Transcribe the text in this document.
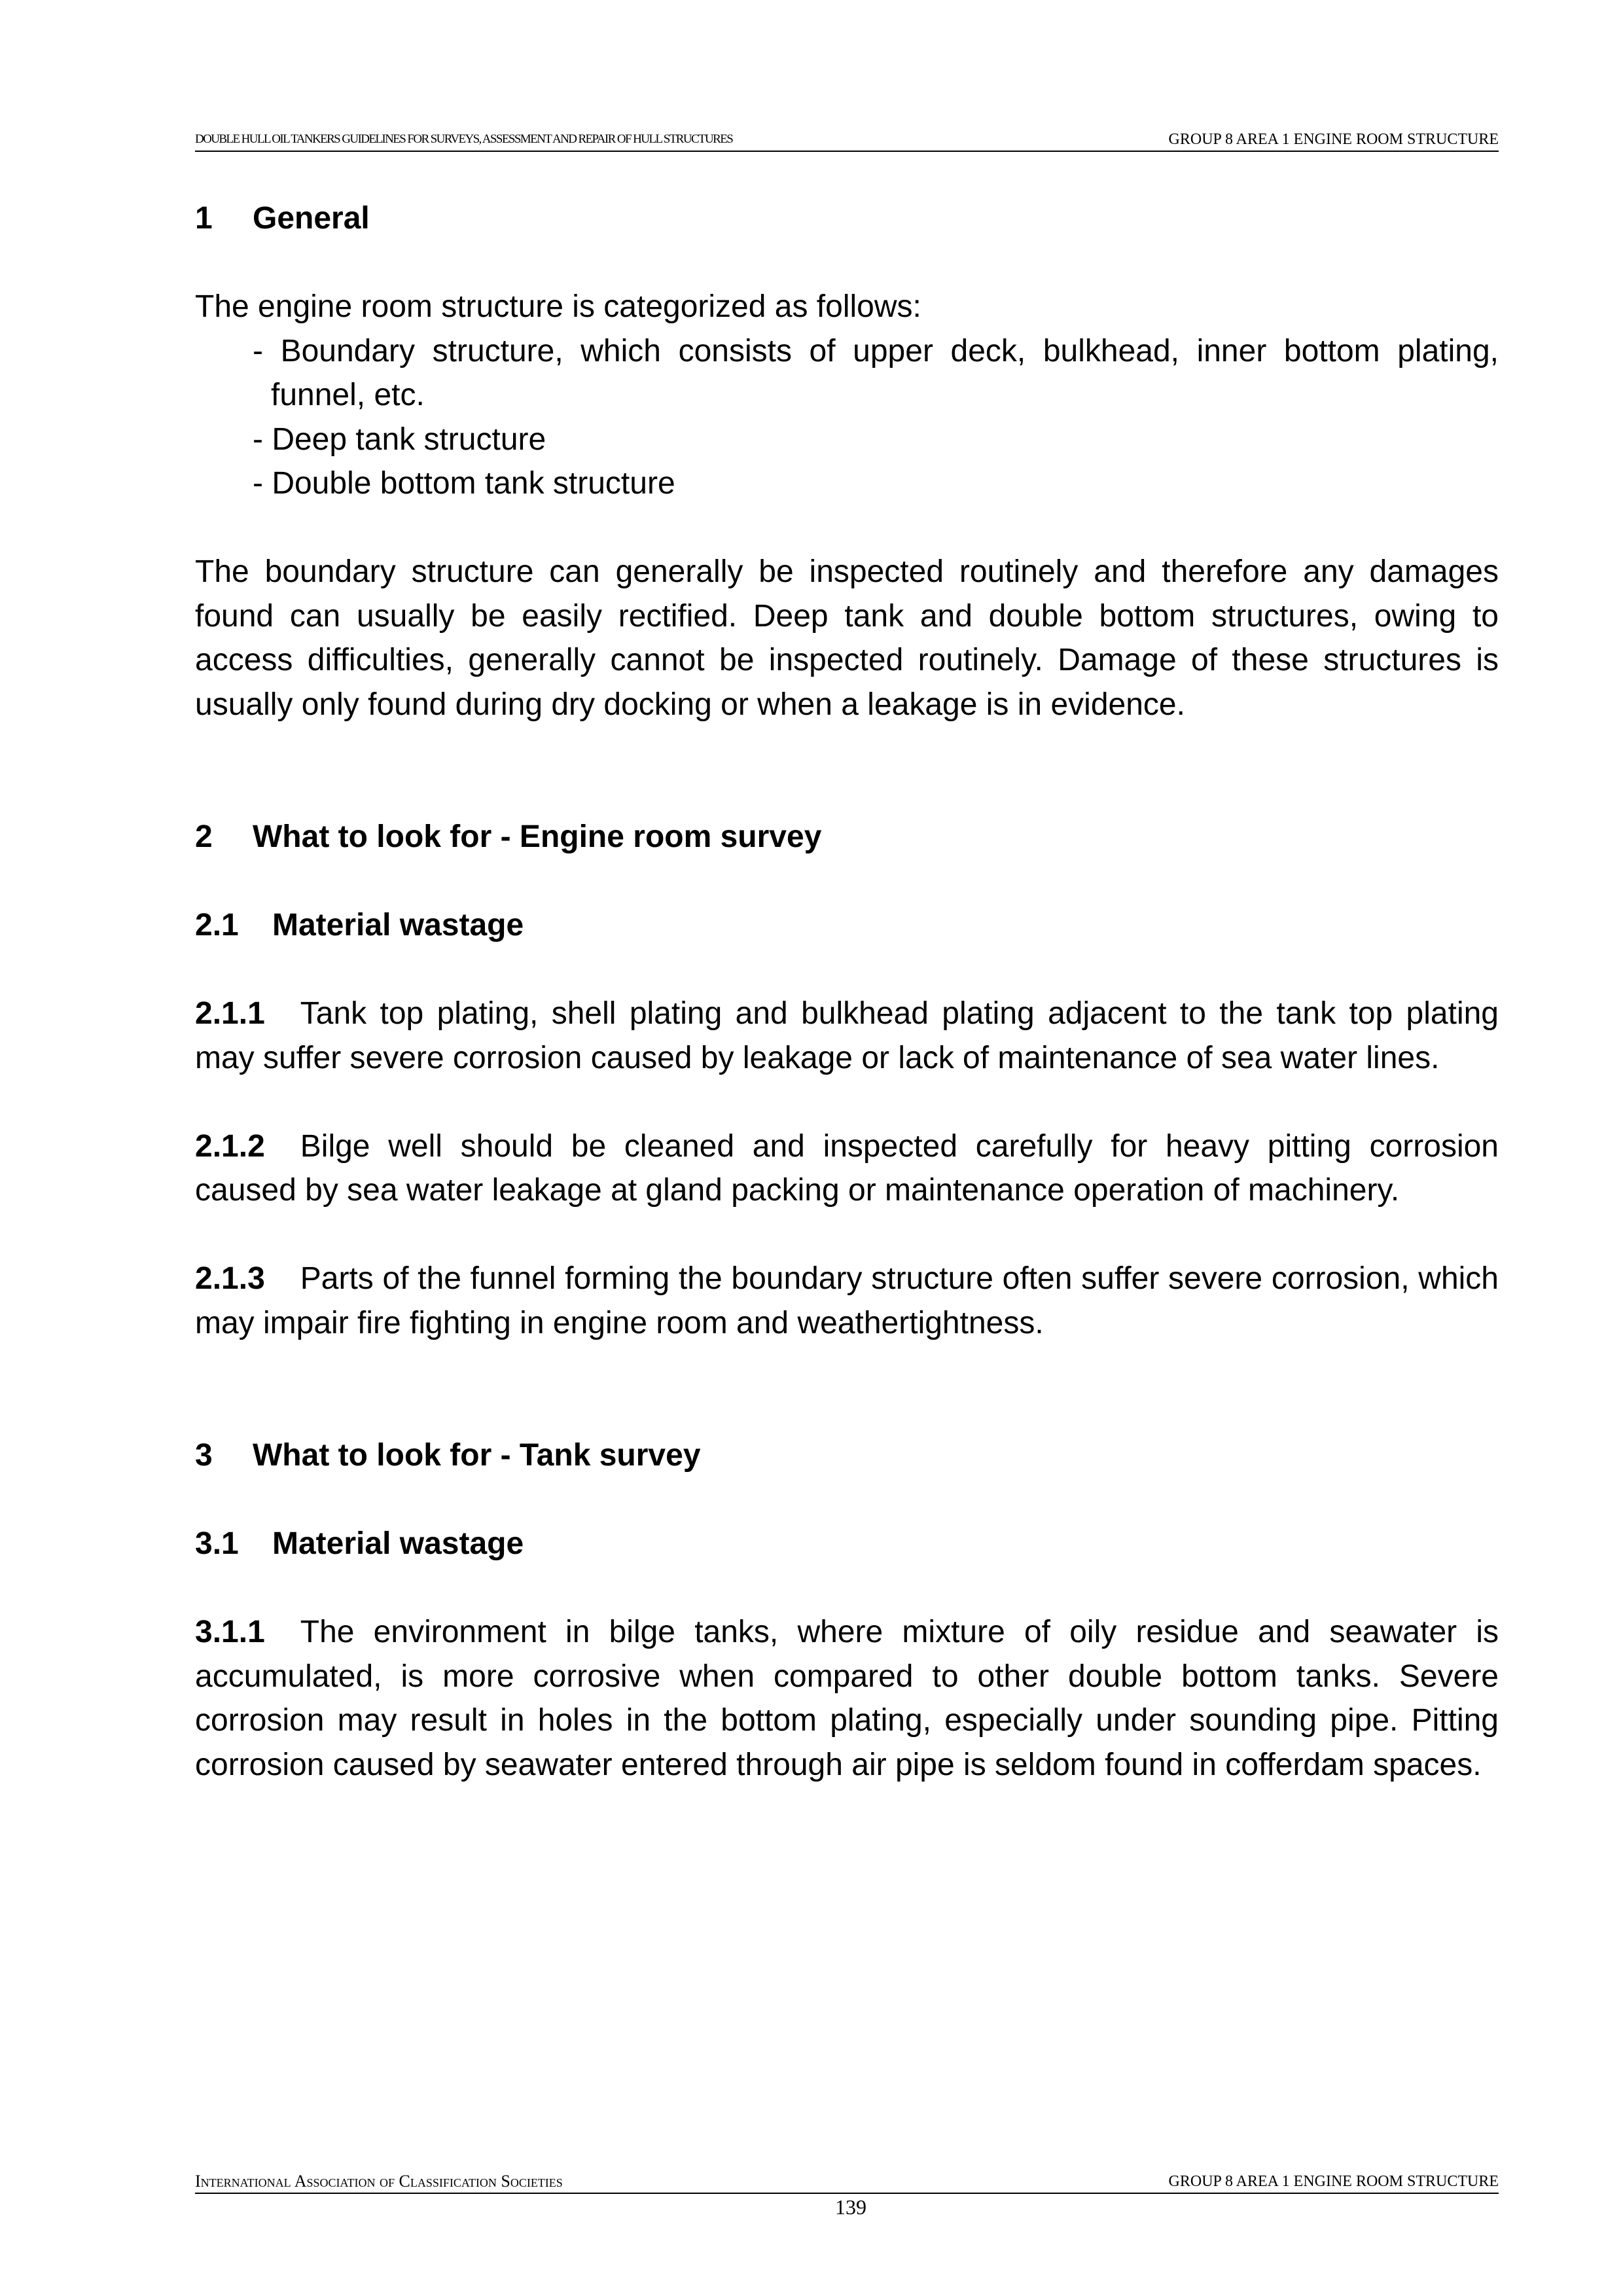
DOUBLE HULL OIL TANKERS GUIDELINES FOR SURVEYS, ASSESSMENT AND REPAIR OF HULL STRUCTURES	GROUP 8 AREA 1 ENGINE ROOM STRUCTURE
1 General

The engine room structure is categorized as follows:

- Boundary structure, which consists of upper deck, bulkhead, inner bottom plating, funnel, etc.
- Deep tank structure
- Double bottom tank structure

The boundary structure can generally be inspected routinely and therefore any damages found can usually be easily rectified. Deep tank and double bottom structures, owing to access difficulties, generally cannot be inspected routinely. Damage of these structures is usually only found during dry docking or when a leakage is in evidence.

2 What to look for - Engine room survey
2.1 Material wastage

2.1.1 Tank top plating, shell plating and bulkhead plating adjacent to the tank top plating may suffer severe corrosion caused by leakage or lack of maintenance of sea water lines.

2.1.2 Bilge well should be cleaned and inspected carefully for heavy pitting corrosion caused by sea water leakage at gland packing or maintenance operation of machinery.

2.1.3 Parts of the funnel forming the boundary structure often suffer severe corrosion, which may impair fire fighting in engine room and weathertightness.

3 What to look for - Tank survey
3.1 Material wastage

3.1.1 The environment in bilge tanks, where mixture of oily residue and seawater is accumulated, is more corrosive when compared to other double bottom tanks. Severe corrosion may result in holes in the bottom plating, especially under sounding pipe. Pitting corrosion caused by seawater entered through air pipe is seldom found in cofferdam spaces.

International Association of Classification Societies	GROUP 8 AREA 1 ENGINE ROOM STRUCTURE
139
